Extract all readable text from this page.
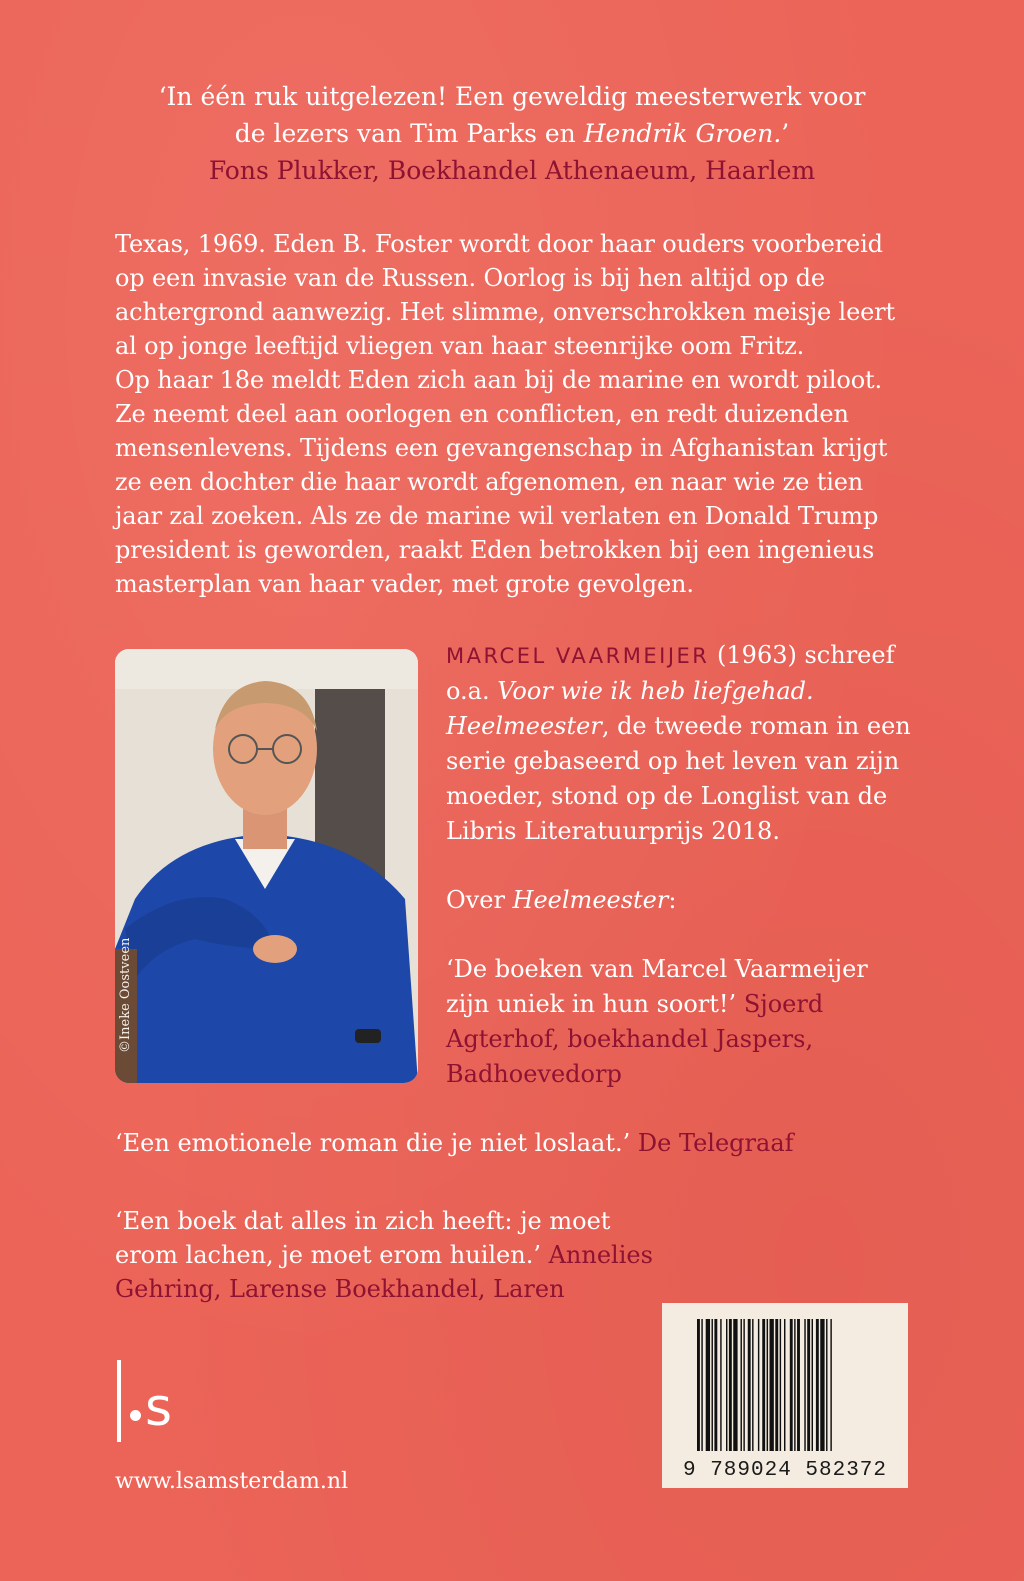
‘In één ruk uitgelezen! Een geweldig meesterwerk voor
de lezers van Tim Parks en Hendrik Groen.’
Fons Plukker, Boekhandel Athenaeum, Haarlem

Texas, 1969. Eden B. Foster wordt door haar ouders voorbereid op een invasie van de Russen. Oorlog is bij hen altijd op de achtergrond aanwezig. Het slimme, onverschrokken meisje leert al op jonge leeftijd vliegen van haar steenrijke oom Fritz.

Op haar 18e meldt Eden zich aan bij de marine en wordt piloot. Ze neemt deel aan oorlogen en conflicten, en redt duizenden mensenlevens. Tijdens een gevangenschap in Afghanistan krijgt ze een dochter die haar wordt afgenomen, en naar wie ze tien jaar zal zoeken. Als ze de marine wil verlaten en Donald Trump president is geworden, raakt Eden betrokken bij een ingenieus masterplan van haar vader, met grote gevolgen.

©Ineke Oostveen

MARCEL VAARMEIJER (1963) schreef o.a. Voor wie ik heb liefgehad. Heelmeester, de tweede roman in een serie gebaseerd op het leven van zijn moeder, stond op de Longlist van de Libris Literatuurprijs 2018.

Over Heelmeester:

‘De boeken van Marcel Vaarmeijer zijn uniek in hun soort!’ Sjoerd Agterhof, boekhandel Jaspers, Badhoevedorp

‘Een emotionele roman die je niet loslaat.’ De Telegraaf
‘Een boek dat alles in zich heeft: je moet erom lachen, je moet erom huilen.’ Annelies Gehring, Larense Boekhandel, Laren
s
www.lsamsterdam.nl	9 789024 582372
